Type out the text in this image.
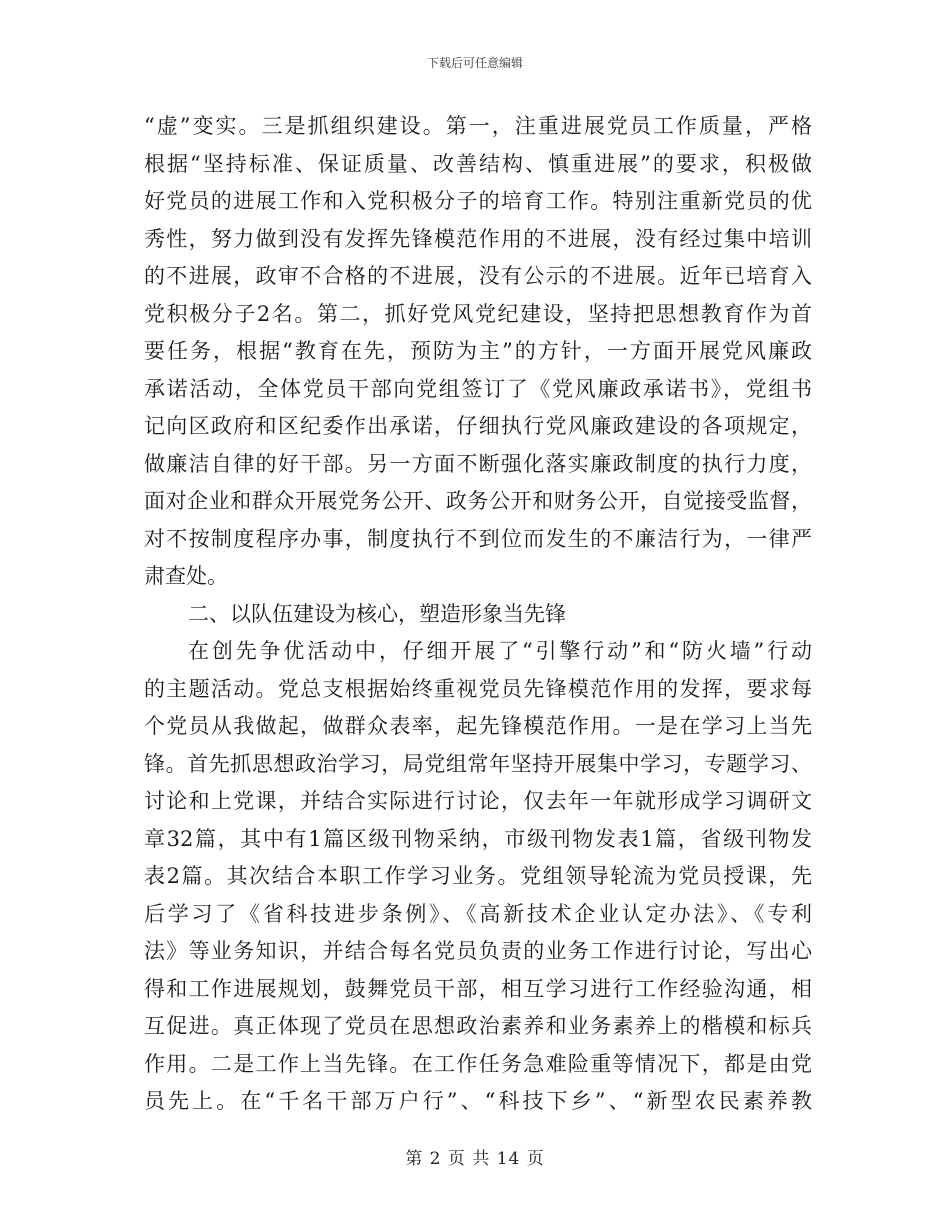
下载后可任意编辑
“虚”变实。三是抓组织建设。第一，注重进展党员工作质量，严格
根据“坚持标准、保证质量、改善结构、慎重进展”的要求，积极做
好党员的进展工作和入党积极分子的培育工作。特别注重新党员的优
秀性，努力做到没有发挥先锋模范作用的不进展，没有经过集中培训
的不进展，政审不合格的不进展，没有公示的不进展。近年已培育入
党积极分子2名。第二，抓好党风党纪建设，坚持把思想教育作为首
要任务，根据“教育在先，预防为主”的方针，一方面开展党风廉政
承诺活动，全体党员干部向党组签订了《党风廉政承诺书》，党组书
记向区政府和区纪委作出承诺，仔细执行党风廉政建设的各项规定，
做廉洁自律的好干部。另一方面不断强化落实廉政制度的执行力度，
面对企业和群众开展党务公开、政务公开和财务公开，自觉接受监督，
对不按制度程序办事，制度执行不到位而发生的不廉洁行为，一律严
肃查处。
二、以队伍建设为核心，塑造形象当先锋
在创先争优活动中，仔细开展了“引擎行动”和“防火墙”行动
的主题活动。党总支根据始终重视党员先锋模范作用的发挥，要求每
个党员从我做起，做群众表率，起先锋模范作用。一是在学习上当先
锋。首先抓思想政治学习，局党组常年坚持开展集中学习，专题学习、
讨论和上党课，并结合实际进行讨论，仅去年一年就形成学习调研文
章32篇，其中有1篇区级刊物采纳，市级刊物发表1篇，省级刊物发
表2篇。其次结合本职工作学习业务。党组领导轮流为党员授课，先
后学习了《省科技进步条例》、《高新技术企业认定办法》、《专利
法》等业务知识，并结合每名党员负责的业务工作进行讨论，写出心
得和工作进展规划，鼓舞党员干部，相互学习进行工作经验沟通，相
互促进。真正体现了党员在思想政治素养和业务素养上的楷模和标兵
作用。二是工作上当先锋。在工作任务急难险重等情况下，都是由党
员先上。在“千名干部万户行”、“科技下乡”、“新型农民素养教
第 2 页 共 14 页
